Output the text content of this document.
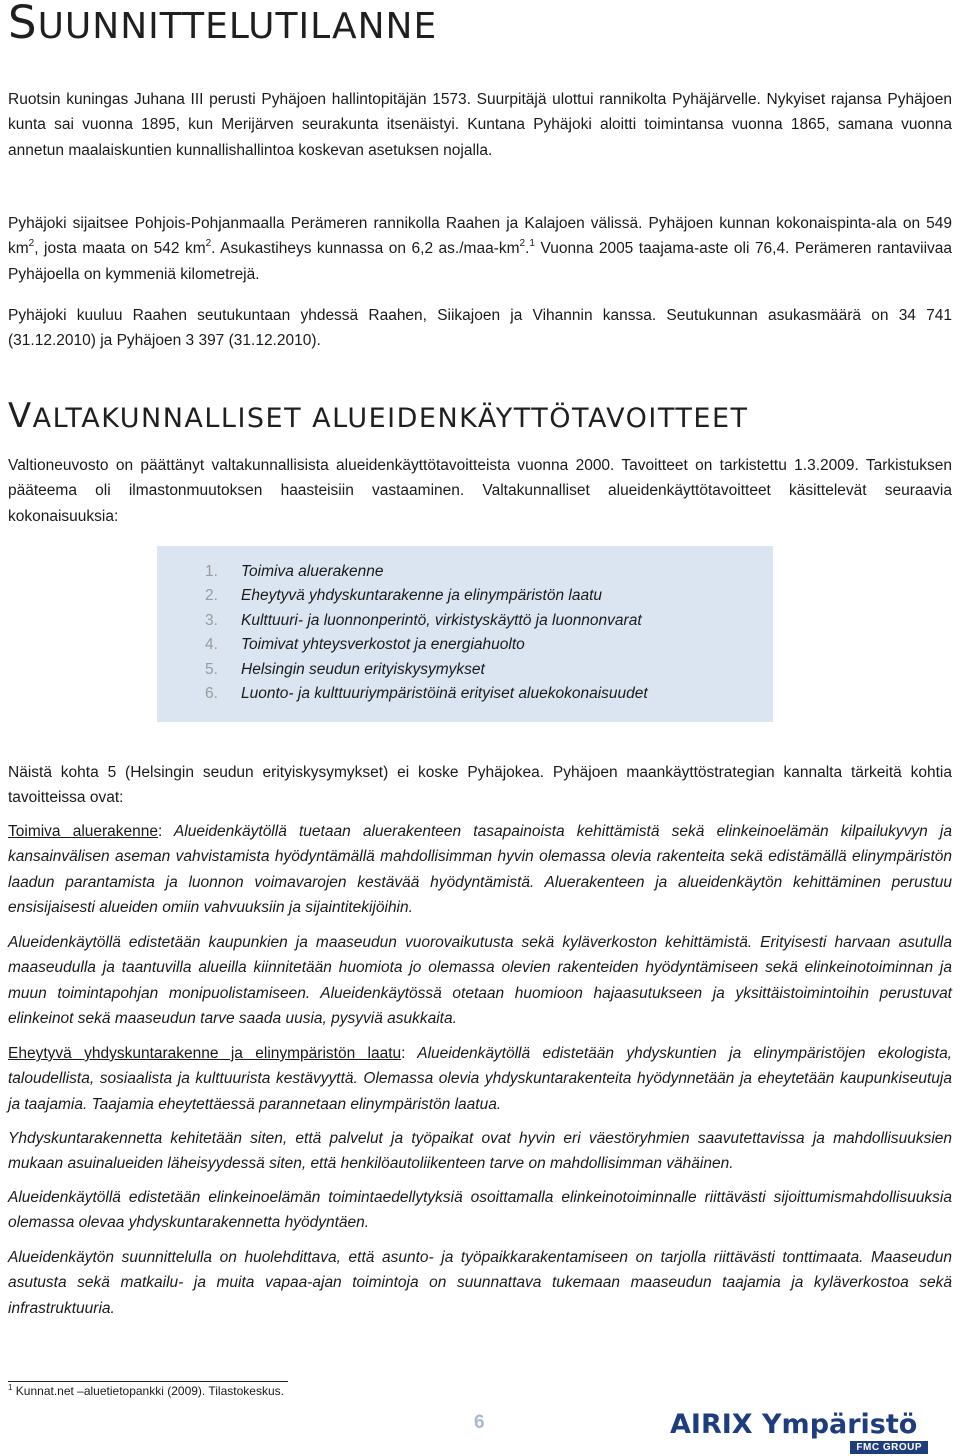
SUUNNITTELUTILANNE

Ruotsin kuningas Juhana III perusti Pyhäjoen hallintopitäjän 1573. Suurpitäjä ulottui rannikolta Pyhäjärvelle. Nykyiset rajansa Pyhäjoen kunta sai vuonna 1895, kun Merijärven seurakunta itsenäistyi. Kuntana Pyhäjoki aloitti toimintansa vuonna 1865, samana vuonna annetun maalaiskuntien kunnallishallintoa koskevan asetuksen nojalla.

Pyhäjoki sijaitsee Pohjois-Pohjanmaalla Perämeren rannikolla Raahen ja Kalajoen välissä. Pyhäjoen kunnan kokonaispinta-ala on 549 $km^2$, josta maata on 542 $km^2$. Asukastiheys kunnassa on 6,2 $as./maa-km^2.^1$ Vuonna 2005 taajama-aste oli 76,4. Perämeren rantaviivaa Pyhäjoella on kymmeniä kilometrejä.

Pyhäjoki kuuluu Raahen seutukuntaan yhdessä Raahen, Siikajoen ja Vihannin kanssa. Seutukunnan asukasmäärä on 34 741 (31.12.2010) ja Pyhäjoen 3 397 (31.12.2010).

VALTAKUNNALLISET ALUEIDENKÄYTTÖTAVOITTEET

Valtioneuvosto on päättänyt valtakunnallisista alueidenkäyttötavoitteista vuonna 2000. Tavoitteet on tarkistettu 1.3.2009. Tarkistuksen pääteema oli ilmastonmuutoksen haasteisiin vastaaminen. Valtakunnalliset alueidenkäyttötavoitteet käsittelevät seuraavia kokonaisuuksia:

1. Toimiva aluerakenne
2. Eheytyvä yhdyskuntarakenne ja elinympäristön laatu
3. Kulttuuri- ja luonnonperintö, virkistyskäyttö ja luonnonvarat
4. Toimivat yhteysverkostot ja energiahuolto
5. Helsingin seudun erityiskysymykset
6. Luonto- ja kulttuuriympäristöinä erityiset aluekokonaisuudet

Näistä kohta 5 (Helsingin seudun erityiskysymykset) ei koske Pyhäjokea. Pyhäjoen maankäyttöstrategian kannalta tärkeitä kohtia tavoitteissa ovat:

Toimiva aluerakenne: Alueidenkäytöllä tuetaan aluerakenteen tasapainoista kehittämistä sekä elinkeinoelämän kilpailukyvyn ja kansainvälisen aseman vahvistamista hyödyntämällä mahdollisimman hyvin olemassa olevia rakenteita sekä edistämällä elinympäristön laadun parantamista ja luonnon voimavarojen kestävää hyödyntämistä. Aluerakenteen ja alueidenkäytön kehittäminen perustuu ensisijaisesti alueiden omiin vahvuuksiin ja sijaintitekijöihin.

Alueidenkäytöllä edistetään kaupunkien ja maaseudun vuorovaikutusta sekä kyläverkoston kehittämistä. Erityisesti harvaan asutulla maaseudulla ja taantuvilla alueilla kiinnitetään huomiota jo olemassa olevien rakenteiden hyödyntämiseen sekä elinkeinotoiminnan ja muun toimintapohjan monipuolistamiseen. Alueidenkäytössä otetaan huomioon hajaasutukseen ja yksittäistoimintoihin perustuvat elinkeinot sekä maaseudun tarve saada uusia, pysyviä asukkaita.

Eheytyvä yhdyskuntarakenne ja elinympäristön laatu: Alueidenkäytöllä edistetään yhdyskuntien ja elinympäristöjen ekologista, taloudellista, sosiaalista ja kulttuurista kestävyyttä. Olemassa olevia yhdyskuntarakenteita hyödynnetään ja eheytetään kaupunkiseutuja ja taajamia. Taajamia eheytettäessä parannetaan elinympäristön laatua.

Yhdyskuntarakennetta kehitetään siten, että palvelut ja työpaikat ovat hyvin eri väestöryhmien saavutettavissa ja mahdollisuuksien mukaan asuinalueiden läheisyydessä siten, että henkilöautoliikenteen tarve on mahdollisimman vähäinen.

Alueidenkäytöllä edistetään elinkeinoelämän toimintaedellytyksiä osoittamalla elinkeinotoiminnalle riittävästi sijoittumismahdollisuuksia olemassa olevaa yhdyskuntarakennetta hyödyntäen.

Alueidenkäytön suunnittelulla on huolehdittava, että asunto- ja työpaikkarakentamiseen on tarjolla riittävästi tonttimaata. Maaseudun asutusta sekä matkailu- ja muita vapaa-ajan toimintoja on suunnattava tukemaan maaseudun taajamia ja kyläverkostoa sekä infrastruktuuria.

$^1$ Kunnat.net –aluetietopankki (2009). Tilastokeskus.
6	AIRIX Ympäristö
FMC GROUP
